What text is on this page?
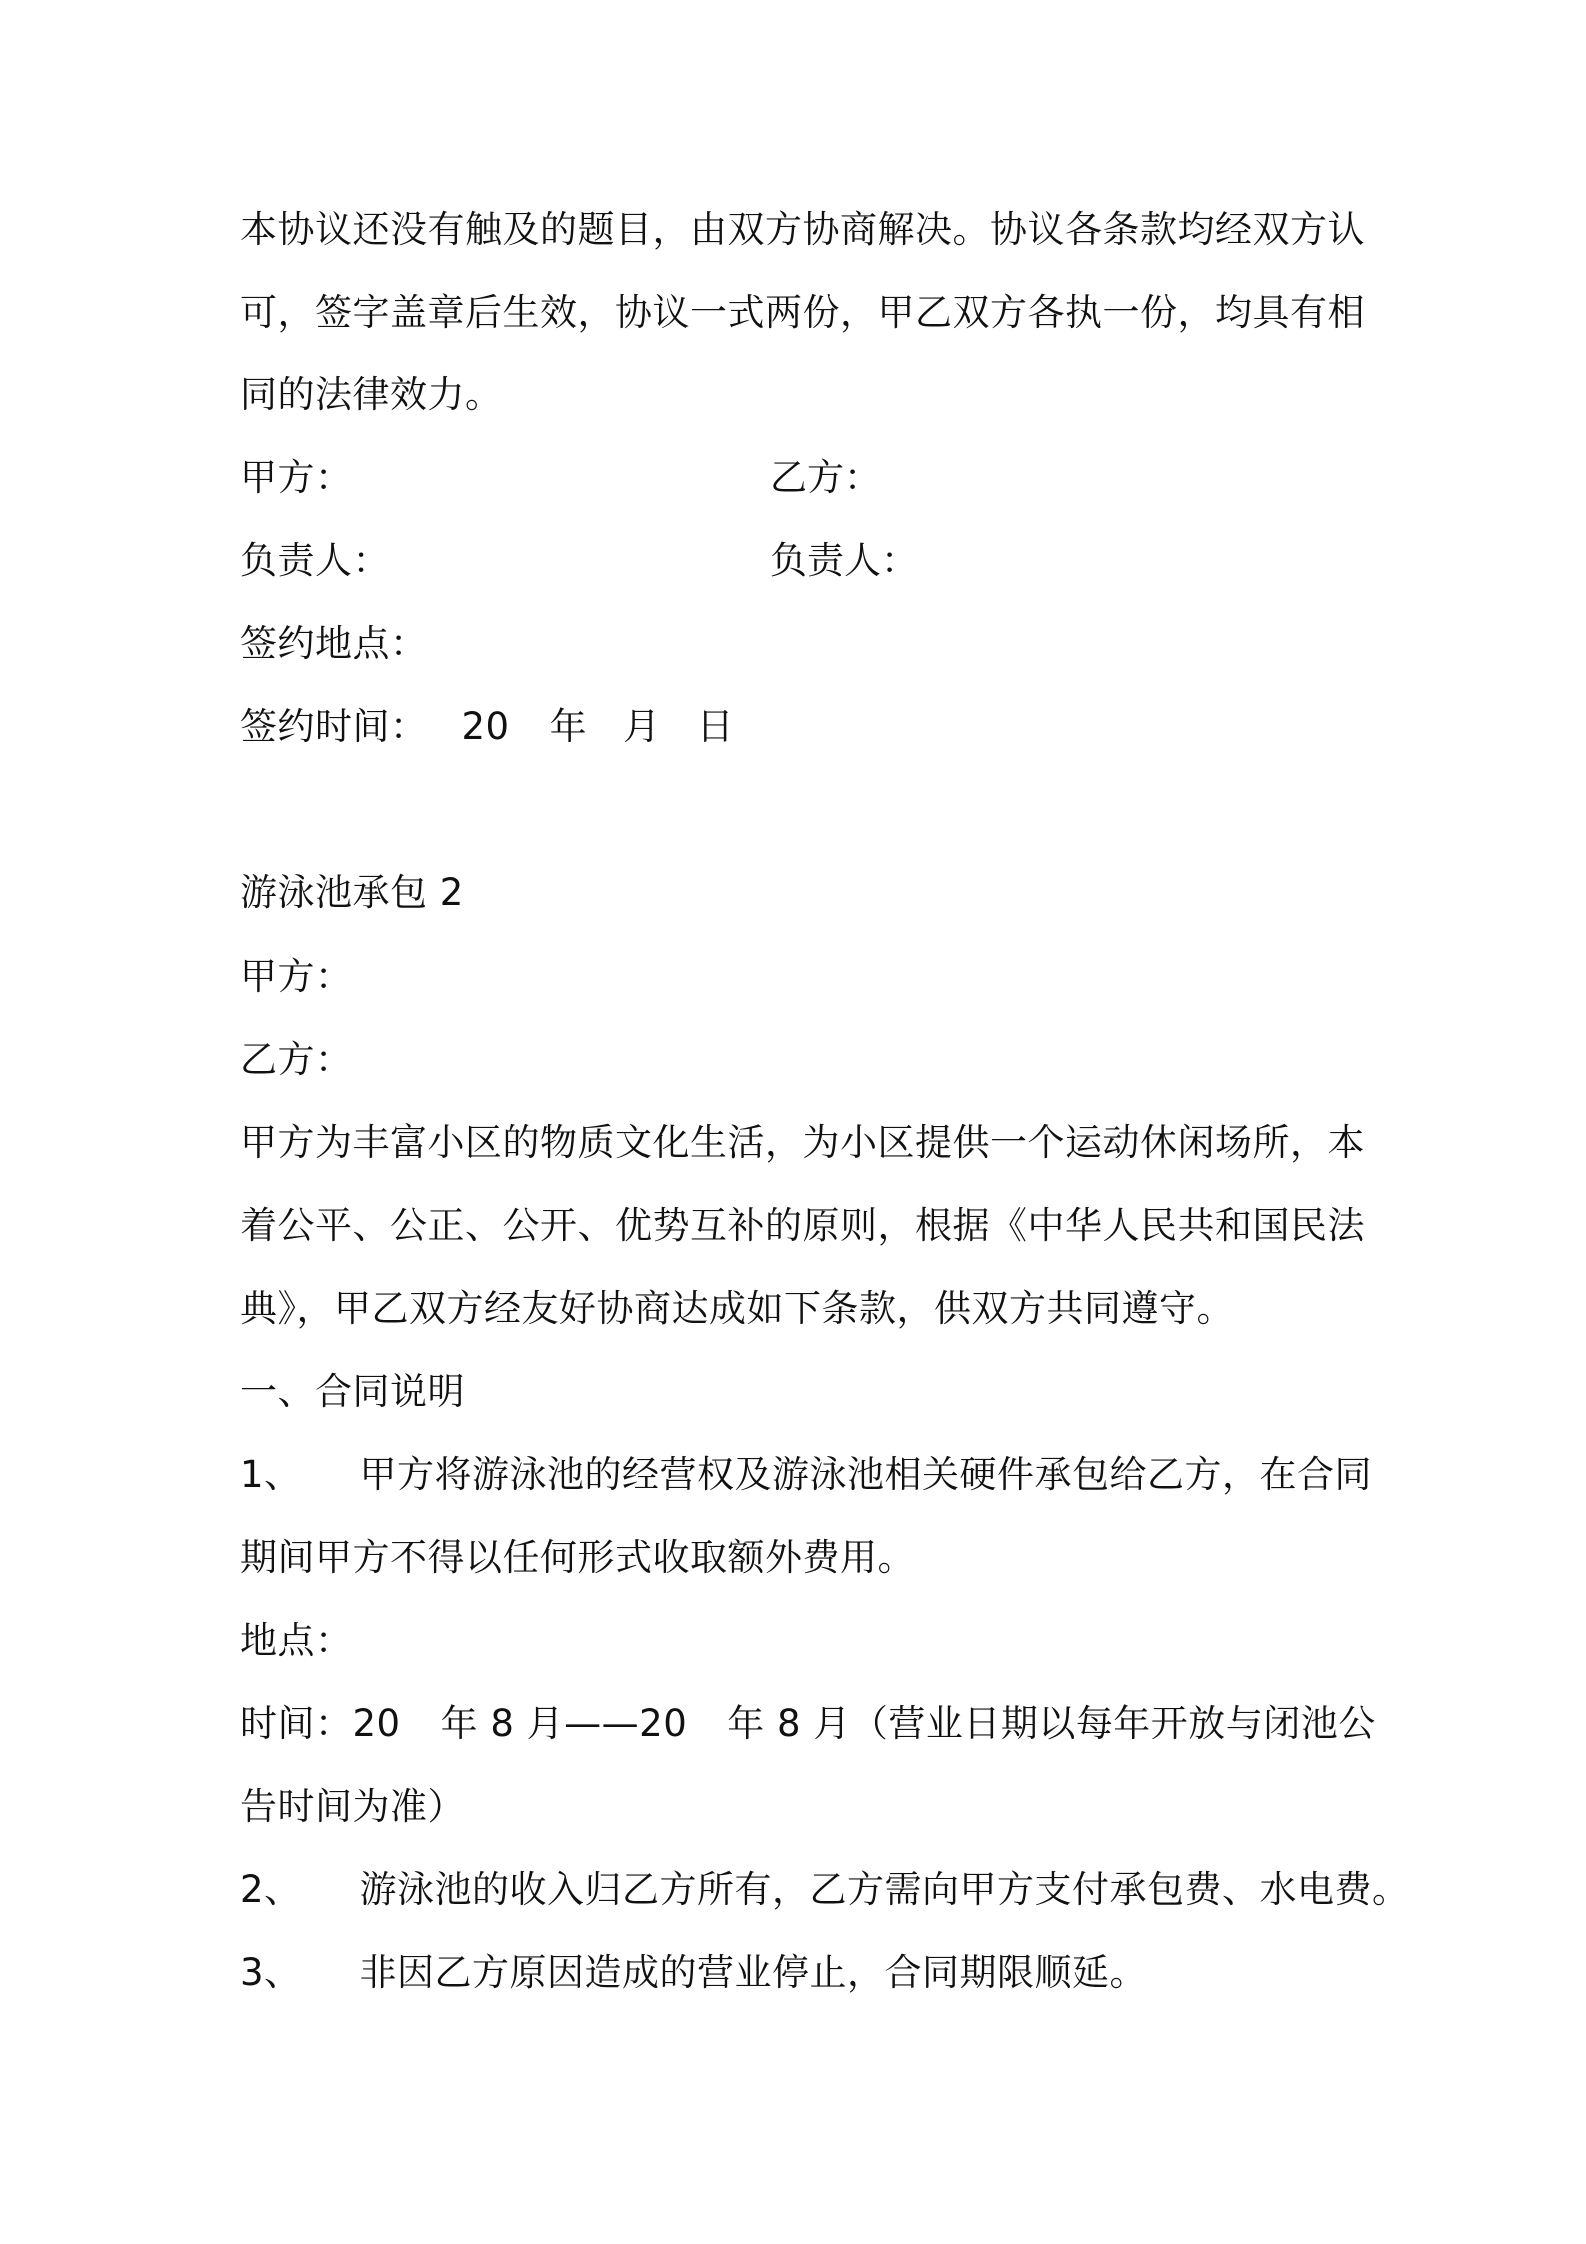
本协议还没有触及的题目，由双方协商解决。协议各条款均经双方认
可，签字盖章后生效，协议一式两份，甲乙双方各执一份，均具有相
同的法律效力。
甲方：	乙方：
负责人：	负责人：
签约地点：
签约时间： 20 年 月 日
游泳池承包 2
甲方：
乙方：
甲方为丰富小区的物质文化生活，为小区提供一个运动休闲场所，本
着公平、公正、公开、优势互补的原则，根据《中华人民共和国民法
典》，甲乙双方经友好协商达成如下条款，供双方共同遵守。
一、合同说明
1、 甲方将游泳池的经营权及游泳池相关硬件承包给乙方，在合同
期间甲方不得以任何形式收取额外费用。
地点：
时间：20 年 8 月——20 年 8 月（营业日期以每年开放与闭池公
告时间为准）
2、 游泳池的收入归乙方所有，乙方需向甲方支付承包费、水电费。
3、 非因乙方原因造成的营业停止，合同期限顺延。
